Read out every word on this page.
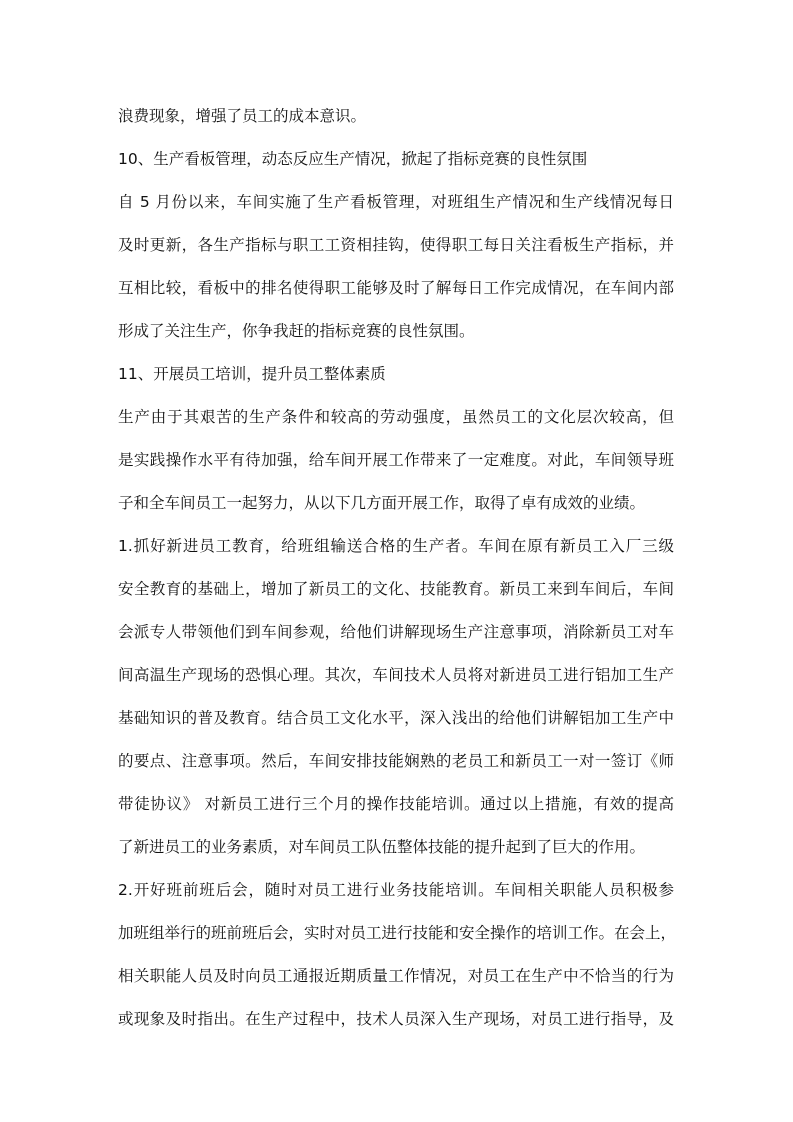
浪费现象，增强了员工的成本意识。
10、生产看板管理，动态反应生产情况，掀起了指标竞赛的良性氛围
自 5 月份以来，车间实施了生产看板管理，对班组生产情况和生产线情况每日
及时更新，各生产指标与职工工资相挂钩，使得职工每日关注看板生产指标，并
互相比较，看板中的排名使得职工能够及时了解每日工作完成情况，在车间内部
形成了关注生产，你争我赶的指标竞赛的良性氛围。
11、开展员工培训，提升员工整体素质
生产由于其艰苦的生产条件和较高的劳动强度，虽然员工的文化层次较高，但
是实践操作水平有待加强，给车间开展工作带来了一定难度。对此，车间领导班
子和全车间员工一起努力，从以下几方面开展工作，取得了卓有成效的业绩。
1.抓好新进员工教育，给班组输送合格的生产者。车间在原有新员工入厂三级
安全教育的基础上，增加了新员工的文化、技能教育。新员工来到车间后，车间
会派专人带领他们到车间参观，给他们讲解现场生产注意事项，消除新员工对车
间高温生产现场的恐惧心理。其次，车间技术人员将对新进员工进行铝加工生产
基础知识的普及教育。结合员工文化水平，深入浅出的给他们讲解铝加工生产中
的要点、注意事项。然后，车间安排技能娴熟的老员工和新员工一对一签订《师
带徒协议》 对新员工进行三个月的操作技能培训。通过以上措施，有效的提高
了新进员工的业务素质，对车间员工队伍整体技能的提升起到了巨大的作用。
2.开好班前班后会，随时对员工进行业务技能培训。车间相关职能人员积极参
加班组举行的班前班后会，实时对员工进行技能和安全操作的培训工作。在会上，
相关职能人员及时向员工通报近期质量工作情况，对员工在生产中不恰当的行为
或现象及时指出。在生产过程中，技术人员深入生产现场，对员工进行指导，及
